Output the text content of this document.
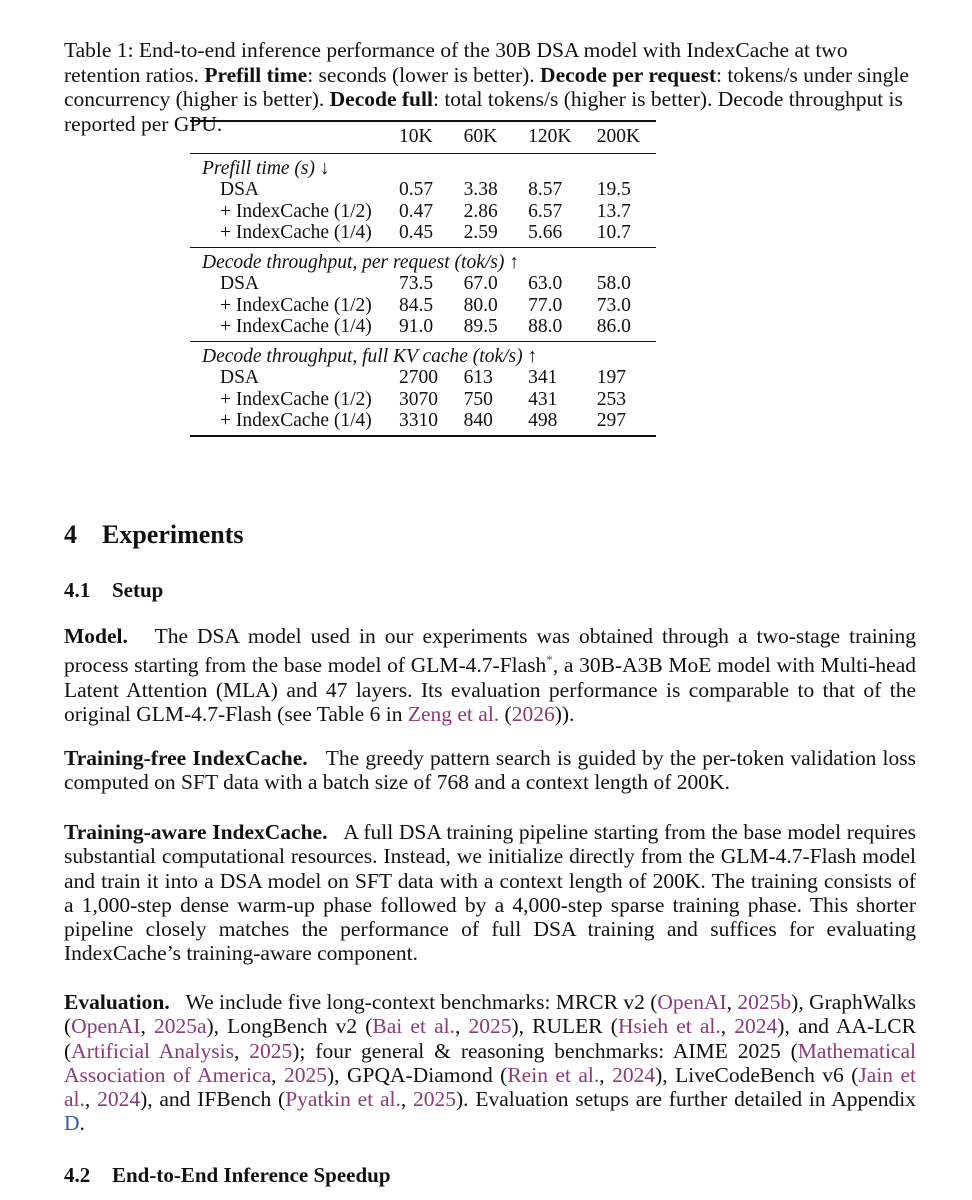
Table 1: End-to-end inference performance of the 30B DSA model with IndexCache at two retention ratios. Prefill time: seconds (lower is better). Decode per request: tokens/s under single concurrency (higher is better). Decode full: total tokens/s (higher is better). Decode throughput is reported per GPU.

	10K	60K	120K	200K
Prefill time (s) ↓				
DSA	0.57	3.38	8.57	19.5
+ IndexCache (1/2)	0.47	2.86	6.57	13.7
+ IndexCache (1/4)	0.45	2.59	5.66	10.7
Decode throughput, per request (tok/s) ↑				
DSA	73.5	67.0	63.0	58.0
+ IndexCache (1/2)	84.5	80.0	77.0	73.0
+ IndexCache (1/4)	91.0	89.5	88.0	86.0
Decode throughput, full KV cache (tok/s) ↑				
DSA	2700	613	341	197
+ IndexCache (1/2)	3070	750	431	253
+ IndexCache (1/4)	3310	840	498	297
4 Experiments
4.1 Setup

Model. The DSA model used in our experiments was obtained through a two-stage training process starting from the base model of GLM-4.7-Flash*, a 30B-A3B MoE model with Multi-head Latent Attention (MLA) and 47 layers. Its evaluation performance is comparable to that of the original GLM-4.7-Flash (see Table 6 in Zeng et al. (2026)).

Training-free IndexCache. The greedy pattern search is guided by the per-token validation loss computed on SFT data with a batch size of 768 and a context length of 200K.

Training-aware IndexCache. A full DSA training pipeline starting from the base model requires substantial computational resources. Instead, we initialize directly from the GLM-4.7-Flash model and train it into a DSA model on SFT data with a context length of 200K. The training consists of a 1,000-step dense warm-up phase followed by a 4,000-step sparse training phase. This shorter pipeline closely matches the performance of full DSA training and suffices for evaluating IndexCache’s training-aware component.

Evaluation. We include five long-context benchmarks: MRCR v2 (OpenAI, 2025b), GraphWalks (OpenAI, 2025a), LongBench v2 (Bai et al., 2025), RULER (Hsieh et al., 2024), and AA-LCR (Artificial Analysis, 2025); four general & reasoning benchmarks: AIME 2025 (Mathematical Association of America, 2025), GPQA-Diamond (Rein et al., 2024), LiveCodeBench v6 (Jain et al., 2024), and IFBench (Pyatkin et al., 2025). Evaluation setups are further detailed in Appendix D.

4.2 End-to-End Inference Speedup
